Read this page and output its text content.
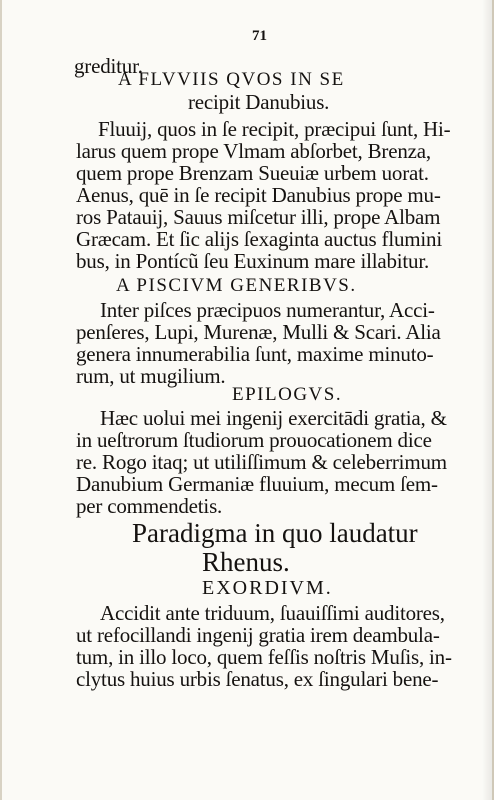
71
greditur.
A FLVVIIS QVOS IN SE
recipit Danubius.
Fluuij, quos in ſe recipit, præcipui ſunt, Hi-
larus quem prope Vlmam abſorbet, Brenza,
quem prope Brenzam Sueuiæ urbem uorat.
Aenus, quē in ſe recipit Danubius prope mu-
ros Patauij, Sauus miſcetur illi, prope Albam
Græcam. Et ſic alijs ſexaginta auctus flumini
bus, in Pontícũ ſeu Euxinum mare illabitur.
A PISCIVM GENERIBVS.
Inter piſces præcipuos numerantur, Acci-
penſeres, Lupi, Murenæ, Mulli & Scari. Alia
genera innumerabilia ſunt, maxime minuto-
rum, ut mugilium.
EPILOGVS.
Hæc uolui mei ingenij exercitādi gratia, &
in ueſtrorum ſtudiorum prouocationem dice
re. Rogo itaq; ut utiliſſimum & celeberrimum
Danubium Germaniæ fluuium, mecum ſem-
per commendetis.
Paradigma in quo laudatur
Rhenus.
EXORDIVM.
Accidit ante triduum, ſuauiſſimi auditores,
ut refocillandi ingenij gratia irem deambula-
tum, in illo loco, quem feſſis noſtris Muſis, in-
clytus huius urbis ſenatus, ex ſingulari bene-
